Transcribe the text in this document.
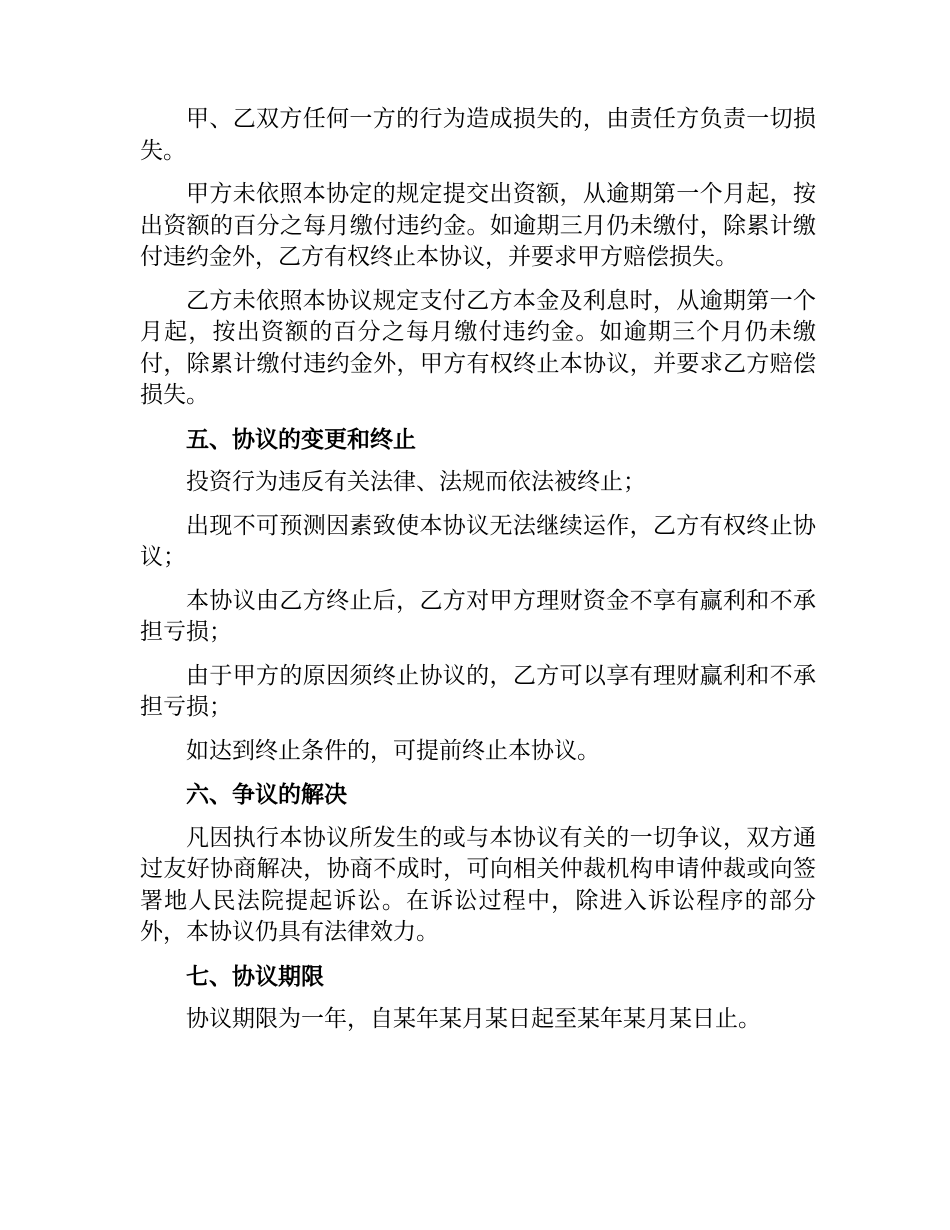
甲、乙双方任何一方的行为造成损失的，由责任方负责一切损失。

甲方未依照本协定的规定提交出资额，从逾期第一个月起，按出资额的百分之每月缴付违约金。如逾期三月仍未缴付，除累计缴付违约金外，乙方有权终止本协议，并要求甲方赔偿损失。

乙方未依照本协议规定支付乙方本金及利息时，从逾期第一个月起，按出资额的百分之每月缴付违约金。如逾期三个月仍未缴付，除累计缴付违约金外，甲方有权终止本协议，并要求乙方赔偿损失。

五、协议的变更和终止

投资行为违反有关法律、法规而依法被终止；

出现不可预测因素致使本协议无法继续运作，乙方有权终止协议；

本协议由乙方终止后，乙方对甲方理财资金不享有赢利和不承担亏损；

由于甲方的原因须终止协议的，乙方可以享有理财赢利和不承担亏损；

如达到终止条件的，可提前终止本协议。

六、争议的解决

凡因执行本协议所发生的或与本协议有关的一切争议，双方通过友好协商解决，协商不成时，可向相关仲裁机构申请仲裁或向签署地人民法院提起诉讼。在诉讼过程中，除进入诉讼程序的部分外，本协议仍具有法律效力。

七、协议期限

协议期限为一年，自某年某月某日起至某年某月某日止。
